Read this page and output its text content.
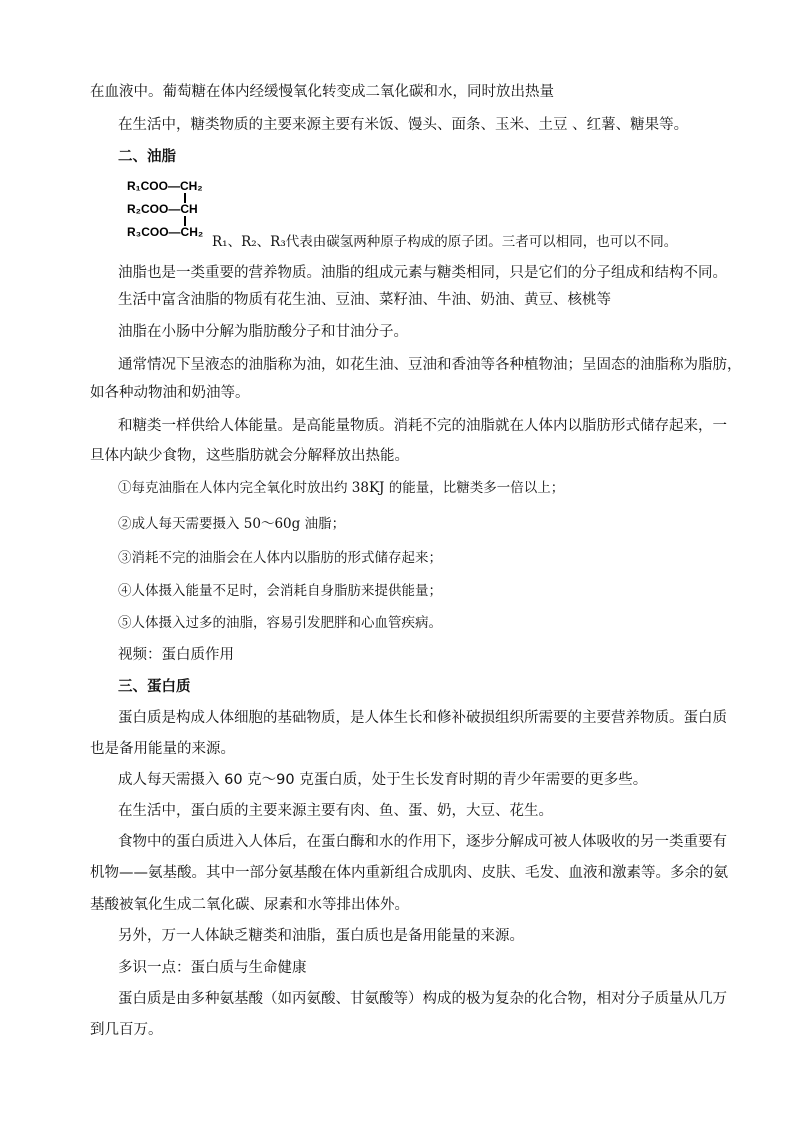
在血液中。葡萄糖在体内经缓慢氧化转变成二氧化碳和水，同时放出热量
在生活中，糖类物质的主要来源主要有米饭、馒头、面条、玉米、土豆 、红薯、糖果等。
二、油脂
R₁COO—CH₂
R₂COO—CH
R₃COO—CH₂
R₁、R₂、R₃代表由碳氢两种原子构成的原子团。三者可以相同，也可以不同。
油脂也是一类重要的营养物质。油脂的组成元素与糖类相同，只是它们的分子组成和结构不同。
生活中富含油脂的物质有花生油、豆油、菜籽油、牛油、奶油、黄豆、核桃等
油脂在小肠中分解为脂肪酸分子和甘油分子。
通常情况下呈液态的油脂称为油，如花生油、豆油和香油等各种植物油；呈固态的油脂称为脂肪，
如各种动物油和奶油等。
和糖类一样供给人体能量。是高能量物质。消耗不完的油脂就在人体内以脂肪形式储存起来，一
旦体内缺少食物，这些脂肪就会分解释放出热能。
①每克油脂在人体内完全氧化时放出约 38KJ 的能量，比糖类多一倍以上；
②成人每天需要摄入 50～60g 油脂；
③消耗不完的油脂会在人体内以脂肪的形式储存起来；
④人体摄入能量不足时，会消耗自身脂肪来提供能量；
⑤人体摄入过多的油脂，容易引发肥胖和心血管疾病。
视频：蛋白质作用
三、蛋白质
蛋白质是构成人体细胞的基础物质，是人体生长和修补破损组织所需要的主要营养物质。蛋白质
也是备用能量的来源。
成人每天需摄入 60 克～90 克蛋白质，处于生长发育时期的青少年需要的更多些。
在生活中，蛋白质的主要来源主要有肉、鱼、蛋、奶，大豆、花生。
食物中的蛋白质进入人体后，在蛋白酶和水的作用下，逐步分解成可被人体吸收的另一类重要有
机物——氨基酸。其中一部分氨基酸在体内重新组合成肌肉、皮肤、毛发、血液和激素等。多余的氨
基酸被氧化生成二氧化碳、尿素和水等排出体外。
另外，万一人体缺乏糖类和油脂，蛋白质也是备用能量的来源。
多识一点：蛋白质与生命健康
蛋白质是由多种氨基酸（如丙氨酸、甘氨酸等）构成的极为复杂的化合物，相对分子质量从几万
到几百万。
